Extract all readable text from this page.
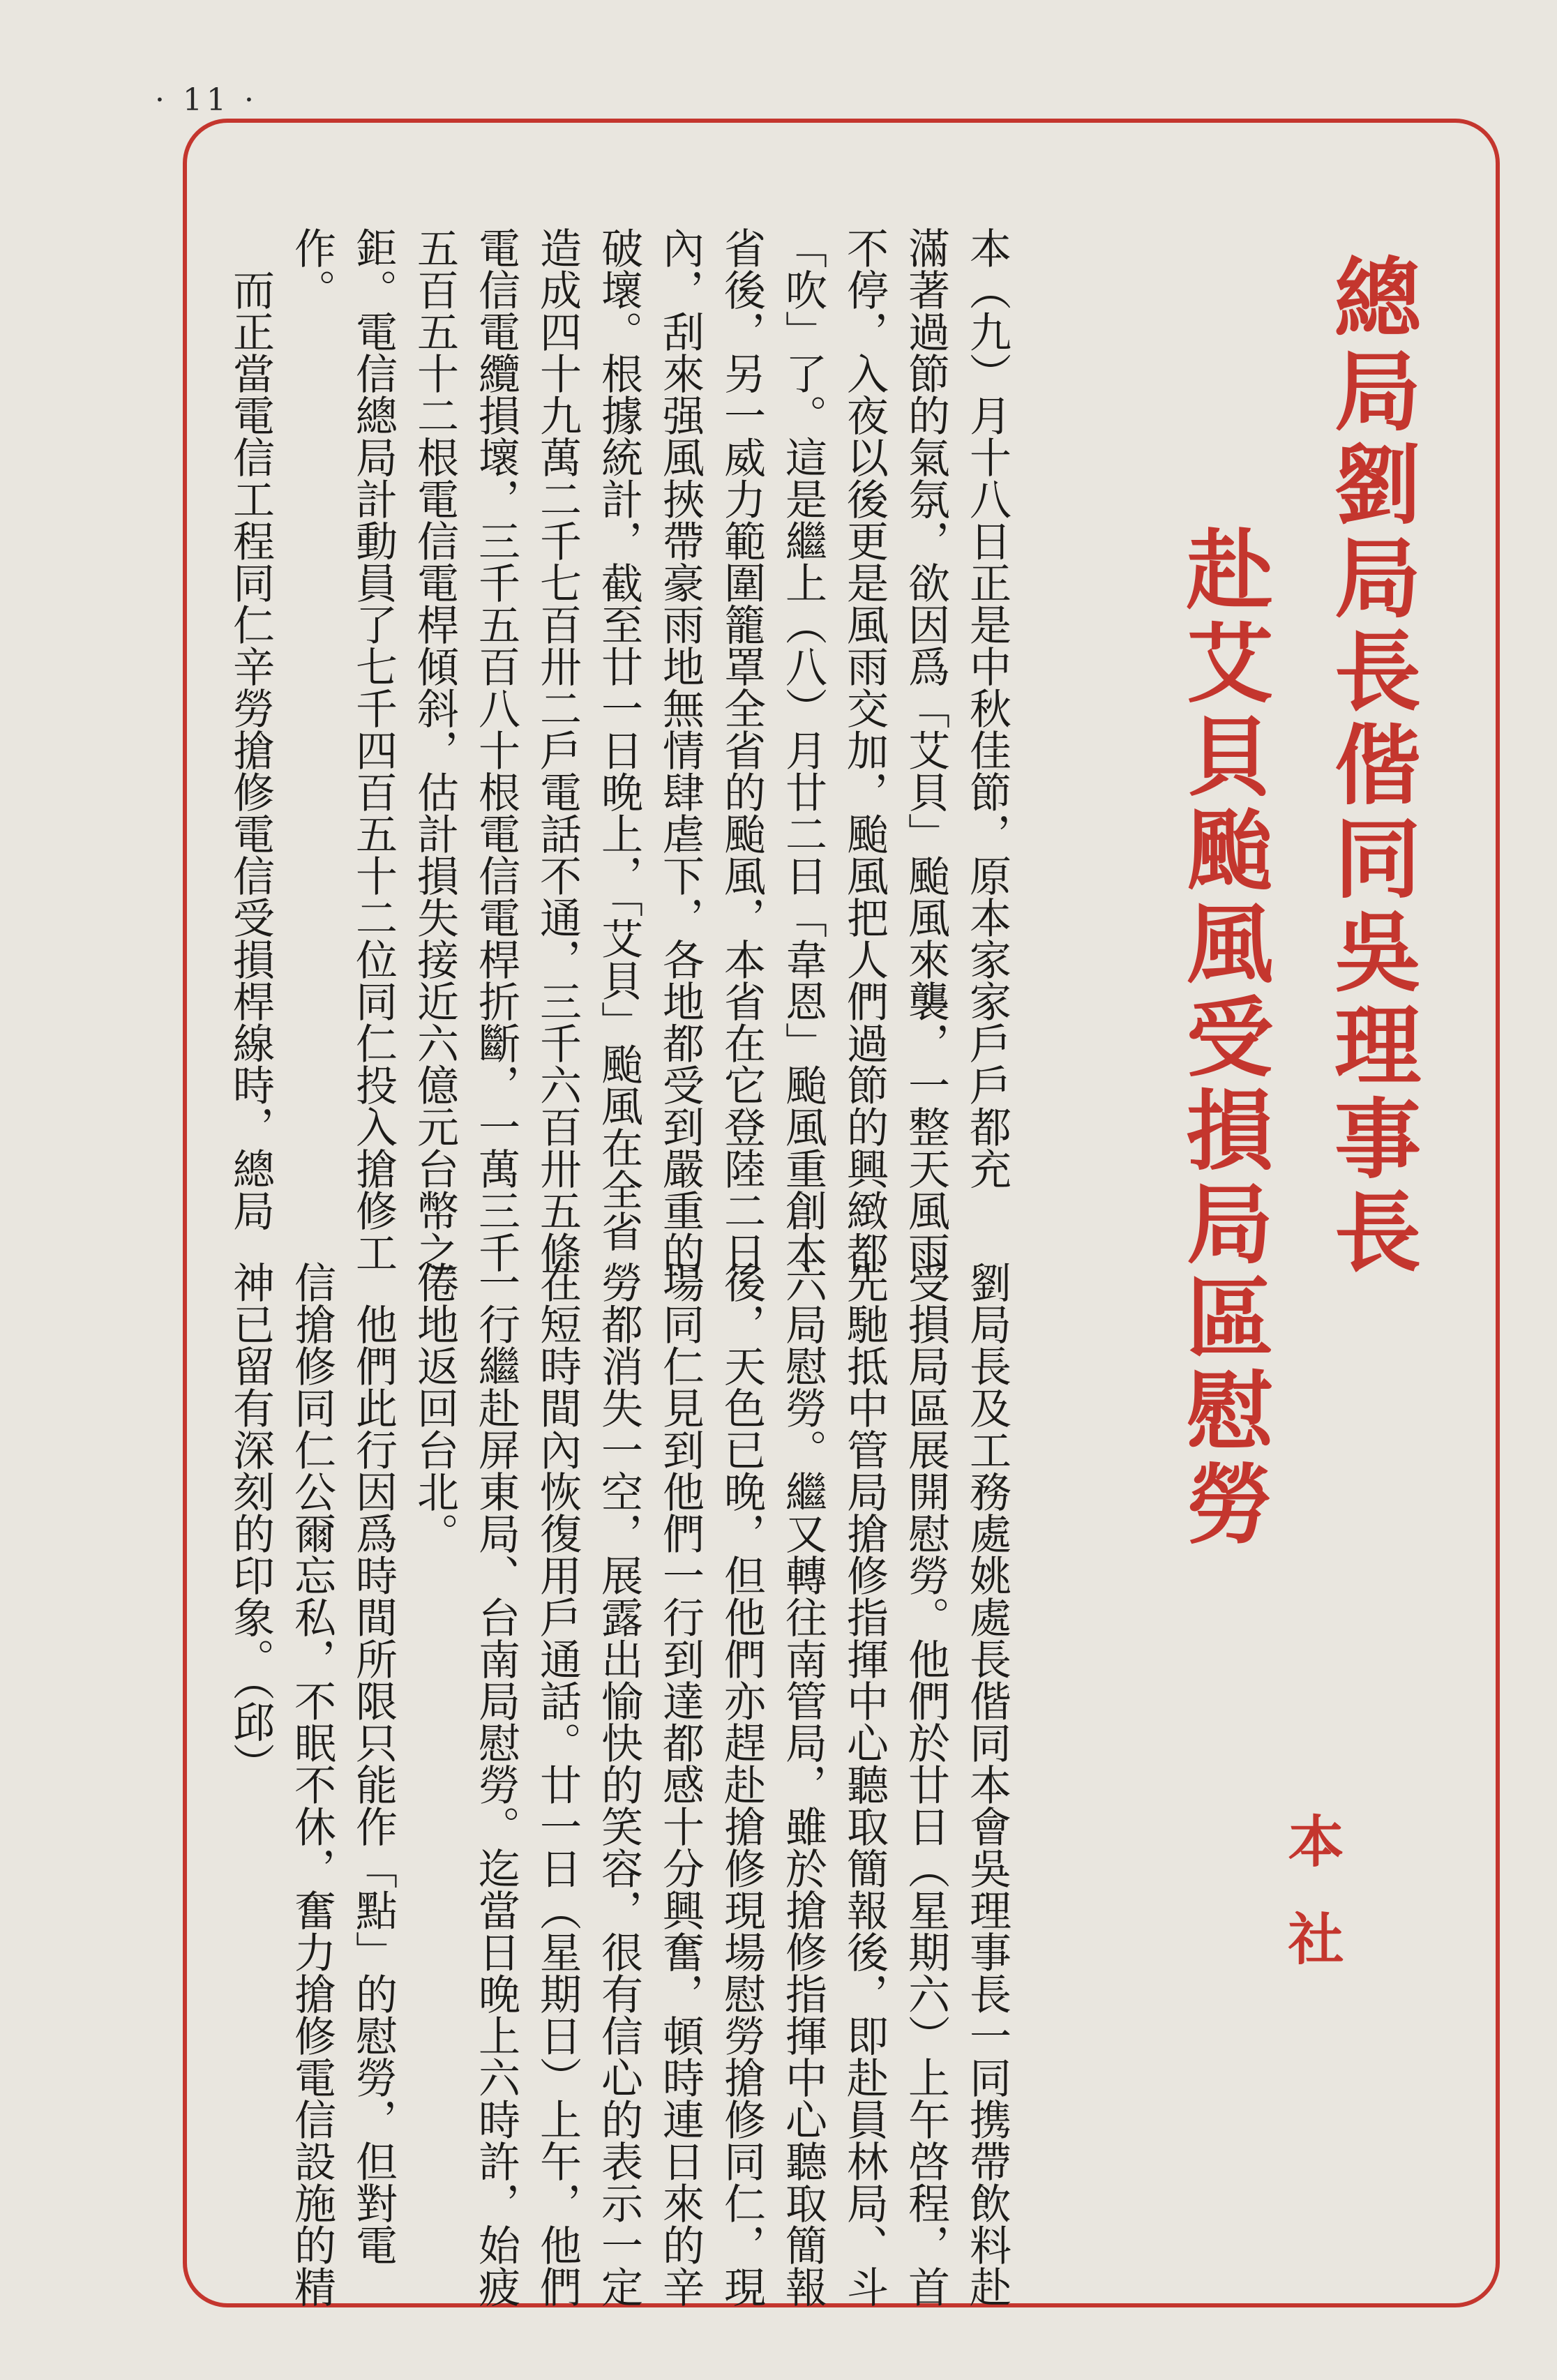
· 11 ·
總局劉局長偕同吳理事長
赴艾貝颱風受損局區慰勞
本社

本（九）月十八日正是中秋佳節，原本家家戶戶都充

滿著過節的氣氛，欲因爲「艾貝」颱風來襲，一整天風雨

不停，入夜以後更是風雨交加，颱風把人們過節的興緻都

「吹」了。這是繼上（八）月廿二日「韋恩」颱風重創本

省後，另一威力範圍籠罩全省的颱風，本省在它登陸二日

內，刮來强風挾帶豪雨地無情肆虐下，各地都受到嚴重的

破壞。根據統計，截至廿一日晚上，「艾貝」颱風在全省

造成四十九萬二千七百卅二戶電話不通，三千六百卅五條

電信電纜損壞，三千五百八十根電信電桿折斷，一萬三千

五百五十二根電信電桿傾斜，估計損失接近六億元台幣之

鉅。電信總局計動員了七千四百五十二位同仁投入搶修工

作。

　而正當電信工程同仁辛勞搶修電信受損桿線時，總局

劉局長及工務處姚處長偕同本會吳理事長一同携帶飲料赴

受損局區展開慰勞。他們於廿日（星期六）上午啓程，首

先馳抵中管局搶修指揮中心聽取簡報後，即赴員林局、斗

六局慰勞。繼又轉往南管局，雖於搶修指揮中心聽取簡報

後，天色已晚，但他們亦趕赴搶修現場慰勞搶修同仁，現

場同仁見到他們一行到達都感十分興奮，頓時連日來的辛

勞都消失一空，展露出愉快的笑容，很有信心的表示一定

在短時間內恢復用戶通話。廿一日（星期日）上午，他們

一行繼赴屏東局、台南局慰勞。迄當日晚上六時許，始疲

倦地返回台北。

　他們此行因爲時間所限只能作「點」的慰勞，但對電

信搶修同仁公爾忘私，不眠不休，奮力搶修電信設施的精

神已留有深刻的印象。（邱）
